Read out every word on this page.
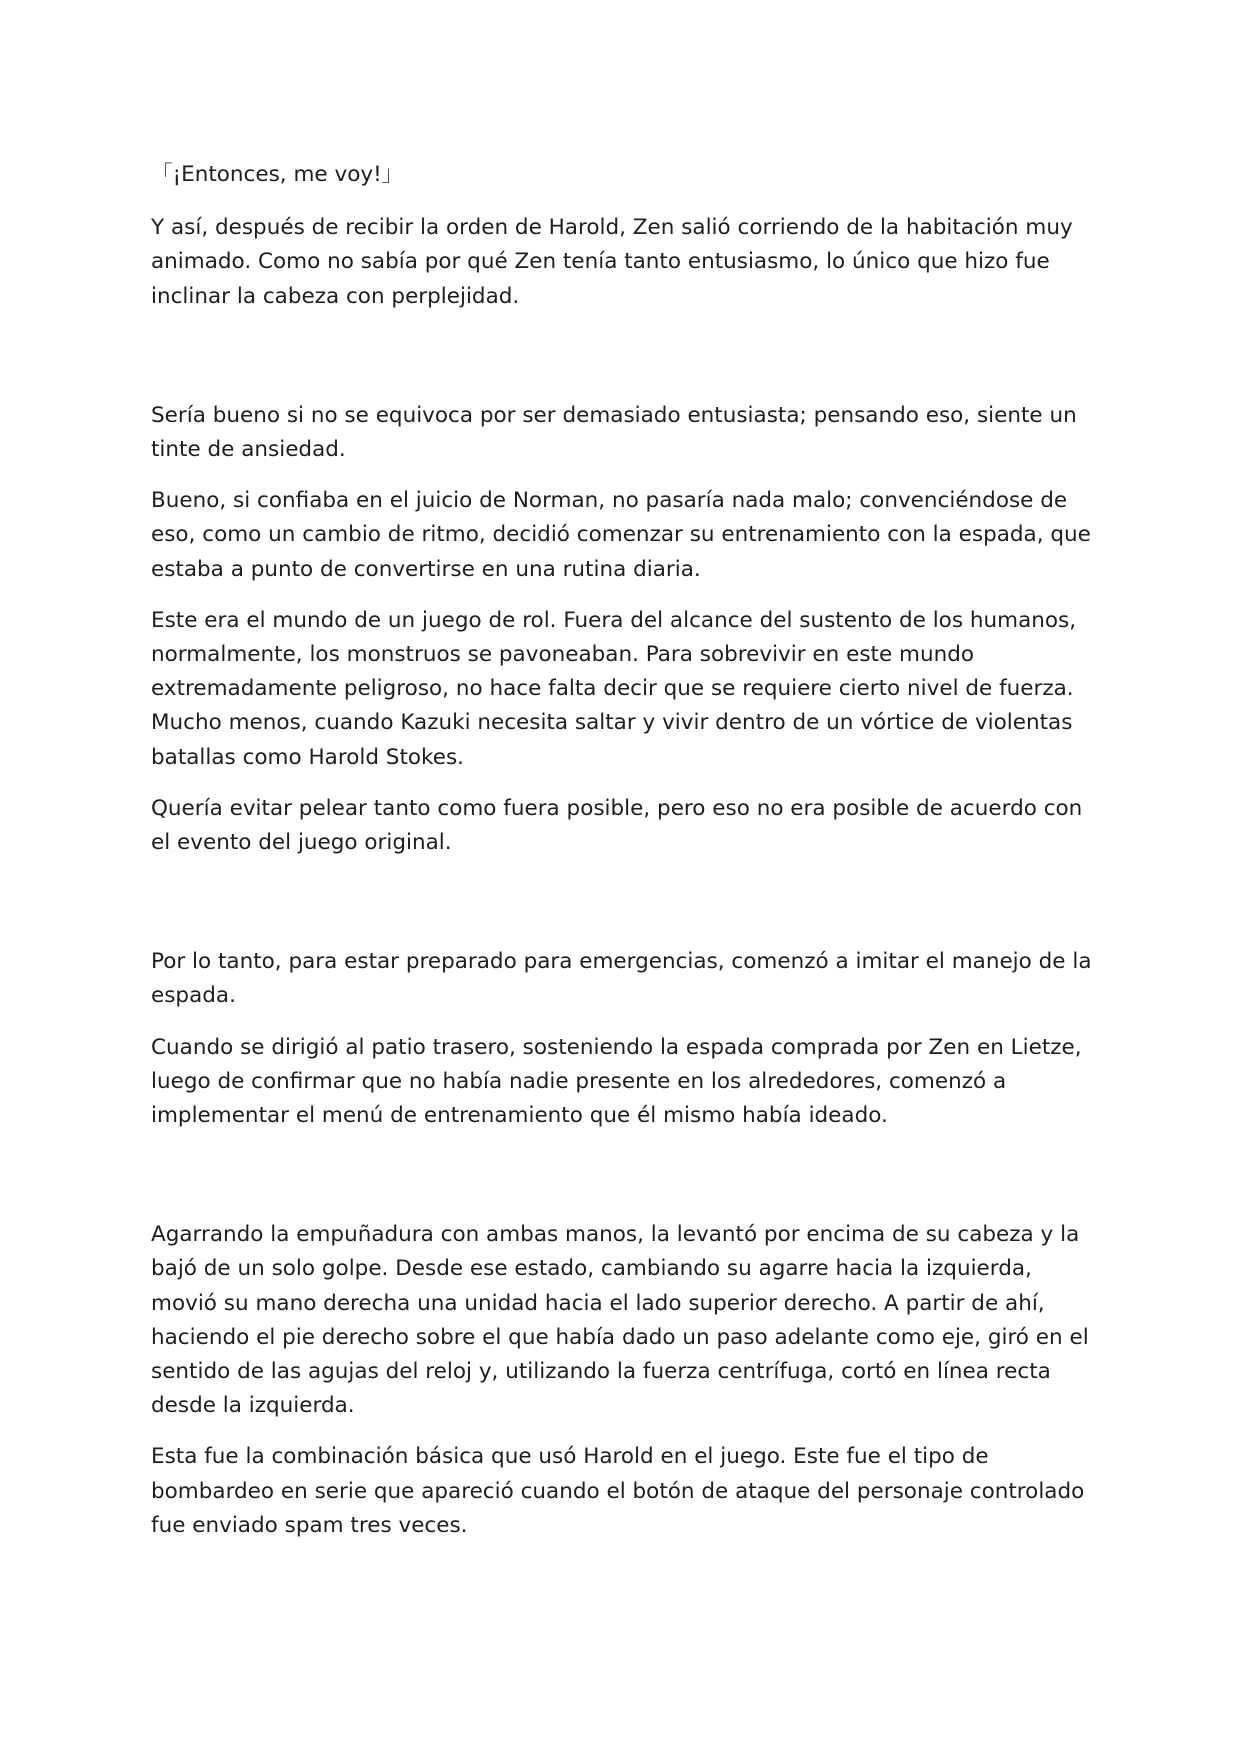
「¡Entonces, me voy!」

Y así, después de recibir la orden de Harold, Zen salió corriendo de la habitación muy animado. Como no sabía por qué Zen tenía tanto entusiasmo, lo único que hizo fue inclinar la cabeza con perplejidad.

Sería bueno si no se equivoca por ser demasiado entusiasta; pensando eso, siente un tinte de ansiedad.

Bueno, si confiaba en el juicio de Norman, no pasaría nada malo; convenciéndose de eso, como un cambio de ritmo, decidió comenzar su entrenamiento con la espada, que estaba a punto de convertirse en una rutina diaria.

Este era el mundo de un juego de rol. Fuera del alcance del sustento de los humanos, normalmente, los monstruos se pavoneaban. Para sobrevivir en este mundo extremadamente peligroso, no hace falta decir que se requiere cierto nivel de fuerza. Mucho menos, cuando Kazuki necesita saltar y vivir dentro de un vórtice de violentas batallas como Harold Stokes.

Quería evitar pelear tanto como fuera posible, pero eso no era posible de acuerdo con el evento del juego original.

Por lo tanto, para estar preparado para emergencias, comenzó a imitar el manejo de la espada.

Cuando se dirigió al patio trasero, sosteniendo la espada comprada por Zen en Lietze, luego de confirmar que no había nadie presente en los alrededores, comenzó a implementar el menú de entrenamiento que él mismo había ideado.

Agarrando la empuñadura con ambas manos, la levantó por encima de su cabeza y la bajó de un solo golpe. Desde ese estado, cambiando su agarre hacia la izquierda, movió su mano derecha una unidad hacia el lado superior derecho. A partir de ahí, haciendo el pie derecho sobre el que había dado un paso adelante como eje, giró en el sentido de las agujas del reloj y, utilizando la fuerza centrífuga, cortó en línea recta desde la izquierda.

Esta fue la combinación básica que usó Harold en el juego. Este fue el tipo de bombardeo en serie que apareció cuando el botón de ataque del personaje controlado fue enviado spam tres veces.
